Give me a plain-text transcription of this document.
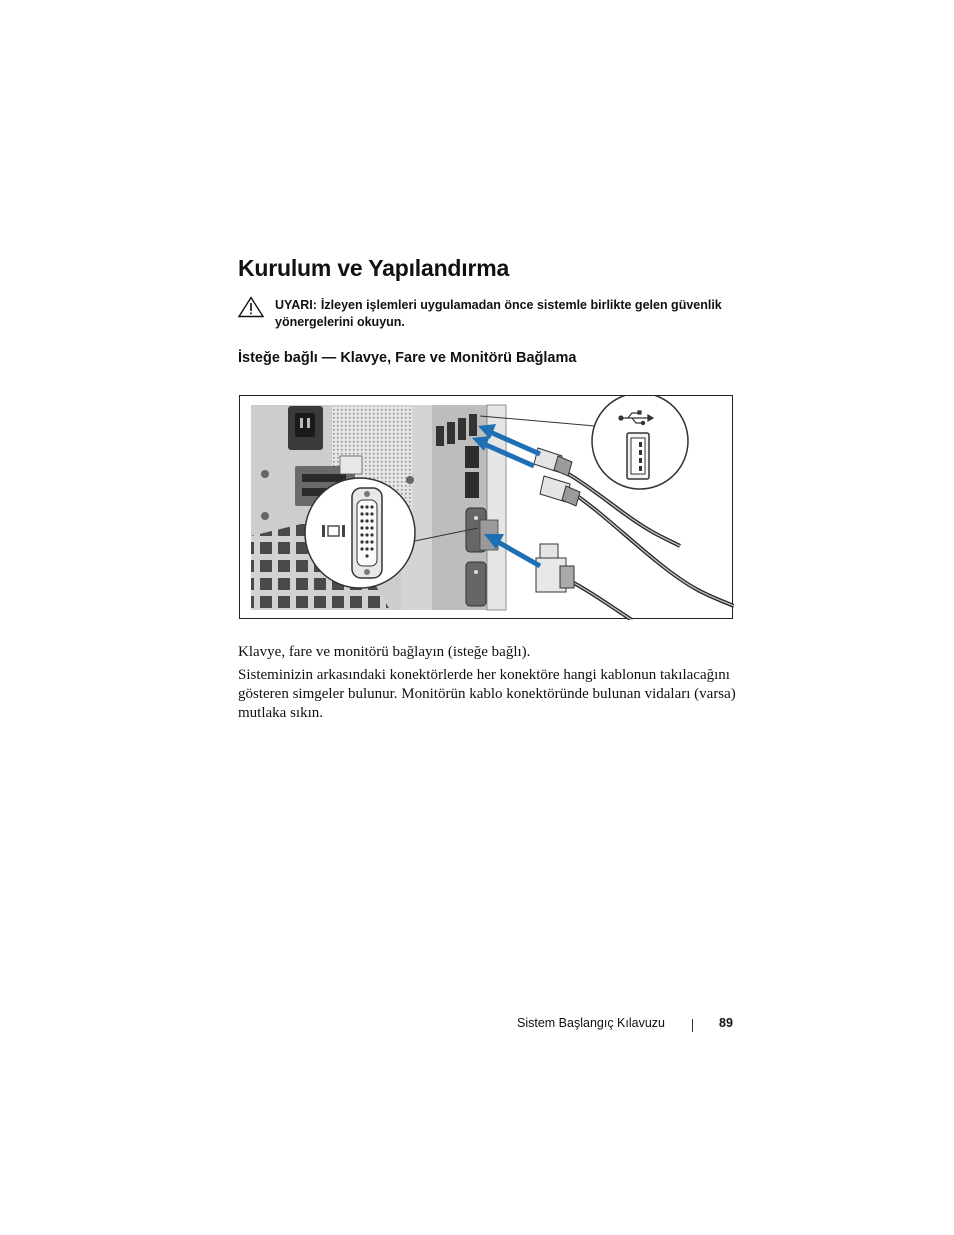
Kurulum ve Yapılandırma
UYARI: İzleyen işlemleri uygulamadan önce sistemle birlikte gelen güvenlik yönergelerini okuyun.
İsteğe bağlı — Klavye, Fare ve Monitörü Bağlama

Klavye, fare ve monitörü bağlayın (isteğe bağlı).

Sisteminizin arkasındaki konektörlerde her konektöre hangi kablonun takılacağını gösteren simgeler bulunur. Monitörün kablo konektöründe bulunan vidaları (varsa) mutlaka sıkın.

Sistem Başlangıç Kılavuzu	89
